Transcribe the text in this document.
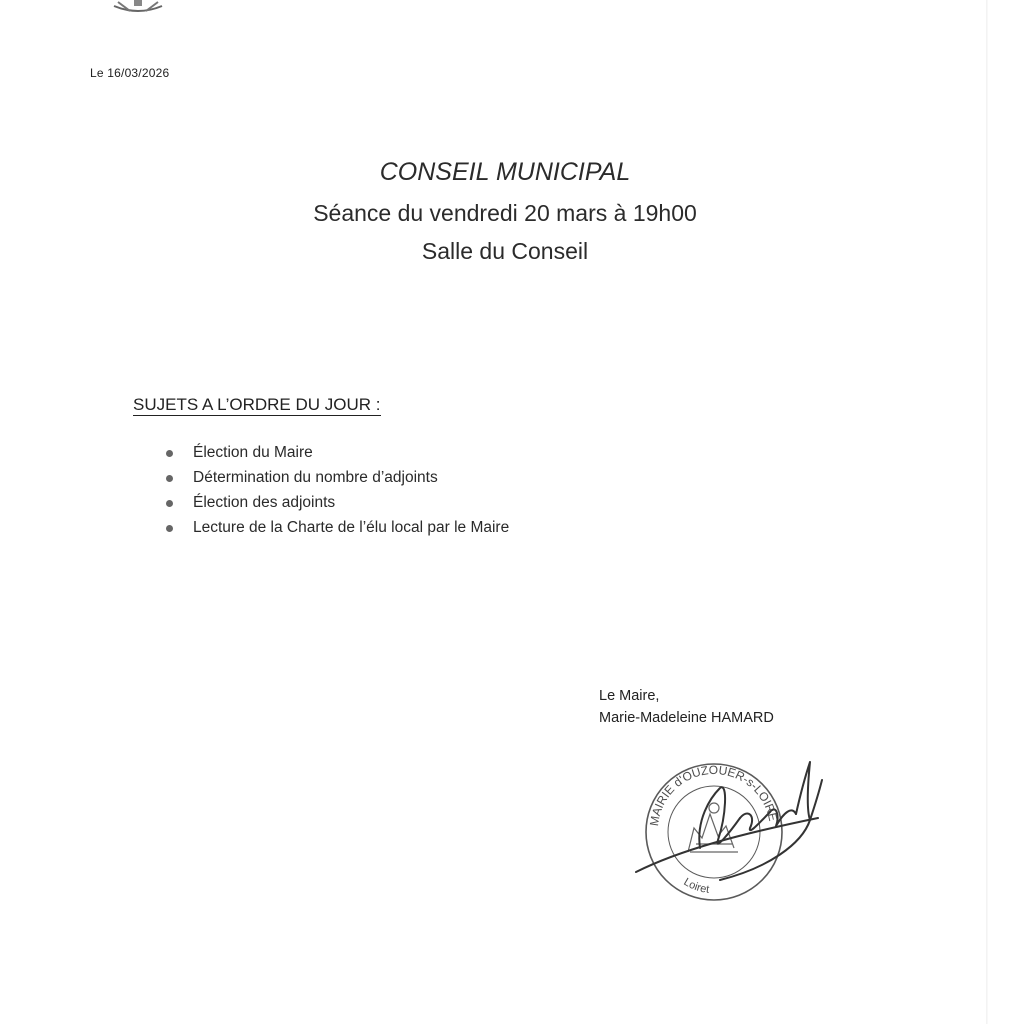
Le 16/03/2026
CONSEIL MUNICIPAL
Séance du vendredi 20 mars à 19h00
Salle du Conseil
SUJETS A L’ORDRE DU JOUR :
Élection du Maire
Détermination du nombre d’adjoints
Élection des adjoints
Lecture de la Charte de l’élu local par le Maire
Le Maire,
Marie-Madeleine HAMARD
MAIRIE d'OUZOUER-s-LOIRE
Loiret
